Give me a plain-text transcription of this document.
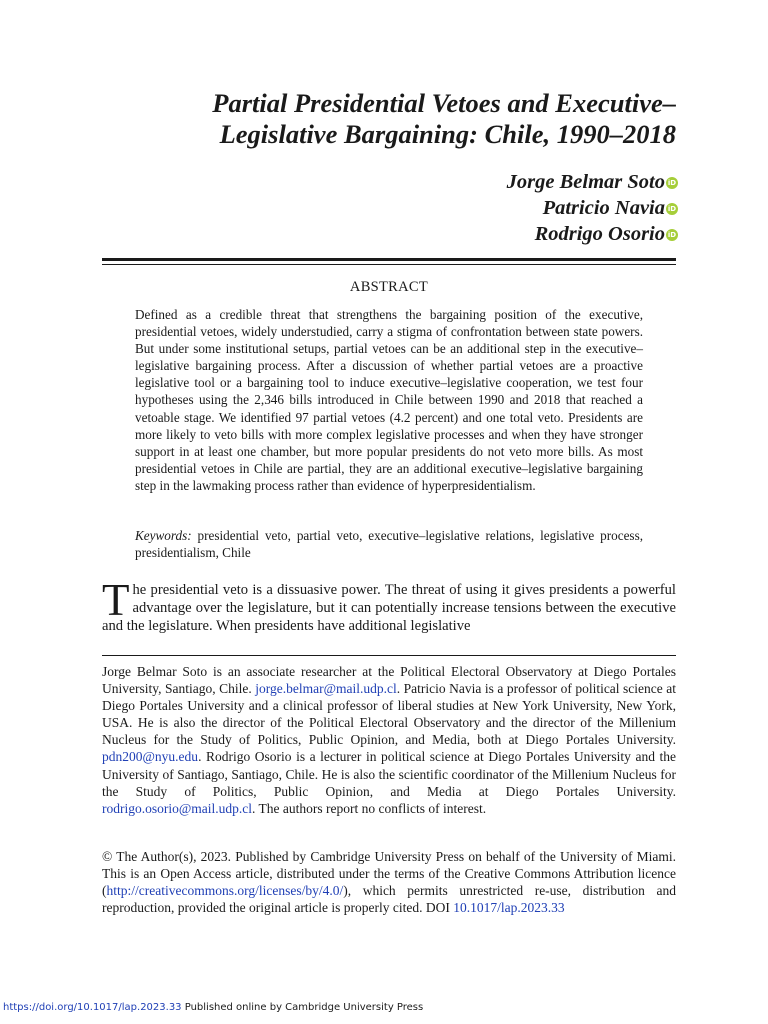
Partial Presidential Vetoes and Executive–
Legislative Bargaining: Chile, 1990–2018
Jorge Belmar Soto iD
Patricio Navia iD
Rodrigo Osorio iD
ABSTRACT

Defined as a credible threat that strengthens the bargaining position of the executive, presidential vetoes, widely understudied, carry a stigma of confrontation between state powers. But under some institutional setups, partial vetoes can be an additional step in the executive–legislative bargaining process. After a discussion of whether partial vetoes are a proactive legislative tool or a bargaining tool to induce executive–legislative cooperation, we test four hypotheses using the 2,346 bills introduced in Chile between 1990 and 2018 that reached a vetoable stage. We identified 97 partial vetoes (4.2 percent) and one total veto. Presidents are more likely to veto bills with more complex legislative processes and when they have stronger support in at least one chamber, but more popular presidents do not veto more bills. As most presidential vetoes in Chile are partial, they are an additional executive–legislative bargaining step in the lawmaking process rather than evidence of hyperpresidentialism.

Keywords: presidential veto, partial veto, executive–legislative relations, legislative process, presidentialism, Chile

The presidential veto is a dissuasive power. The threat of using it gives presidents a powerful advantage over the legislature, but it can potentially increase tensions between the executive and the legislature. When presidents have additional legislative

Jorge Belmar Soto is an associate researcher at the Political Electoral Observatory at Diego Portales University, Santiago, Chile. jorge.belmar@mail.udp.cl. Patricio Navia is a professor of political science at Diego Portales University and a clinical professor of liberal studies at New York University, New York, USA. He is also the director of the Political Electoral Observatory and the director of the Millenium Nucleus for the Study of Politics, Public Opinion, and Media, both at Diego Portales University. pdn200@nyu.edu. Rodrigo Osorio is a lecturer in political science at Diego Portales University and the University of Santiago, Santiago, Chile. He is also the scientific coordinator of the Millenium Nucleus for the Study of Politics, Public Opinion, and Media at Diego Portales University. rodrigo.osorio@mail.udp.cl. The authors report no conflicts of interest.

© The Author(s), 2023. Published by Cambridge University Press on behalf of the University of Miami. This is an Open Access article, distributed under the terms of the Creative Commons Attribution licence (http://creativecommons.org/licenses/by/4.0/), which permits unrestricted re-use, distribution and reproduction, provided the original article is properly cited. DOI 10.1017/lap.2023.33

https://doi.org/10.1017/lap.2023.33 Published online by Cambridge University Press
